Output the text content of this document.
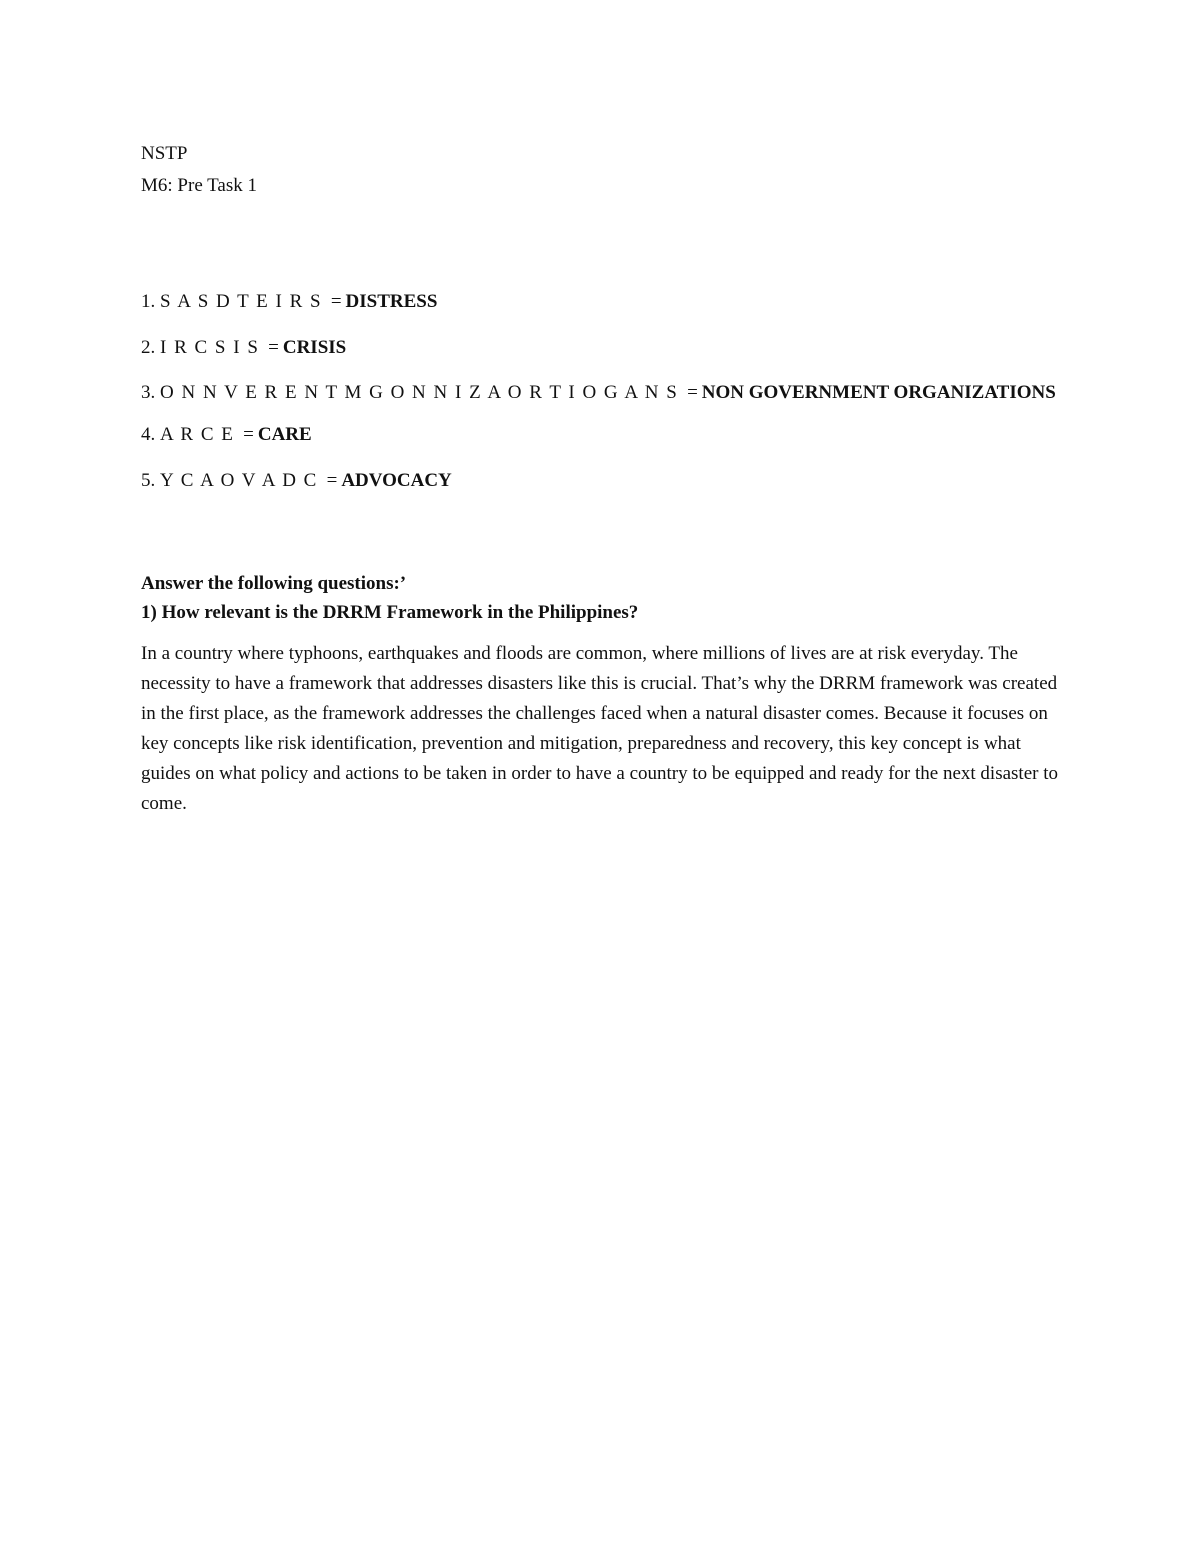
NSTP

M6: Pre Task 1

1. S A S D T E I R S = DISTRESS

2. I R C S I S = CRISIS

3. O N N V E R E N T M G O N N I Z A O R T I O G A N S = NON GOVERNMENT ORGANIZATIONS

4. A R C E = CARE

5. Y C A O V A D C = ADVOCACY

Answer the following questions:’

1) How relevant is the DRRM Framework in the Philippines?

In a country where typhoons, earthquakes and floods are common, where millions of lives are at risk everyday. The necessity to have a framework that addresses disasters like this is crucial. That’s why the DRRM framework was created in the first place, as the framework addresses the challenges faced when a natural disaster comes. Because it focuses on key concepts like risk identification, prevention and mitigation, preparedness and recovery, this key concept is what guides on what policy and actions to be taken in order to have a country to be equipped and ready for the next disaster to come.
